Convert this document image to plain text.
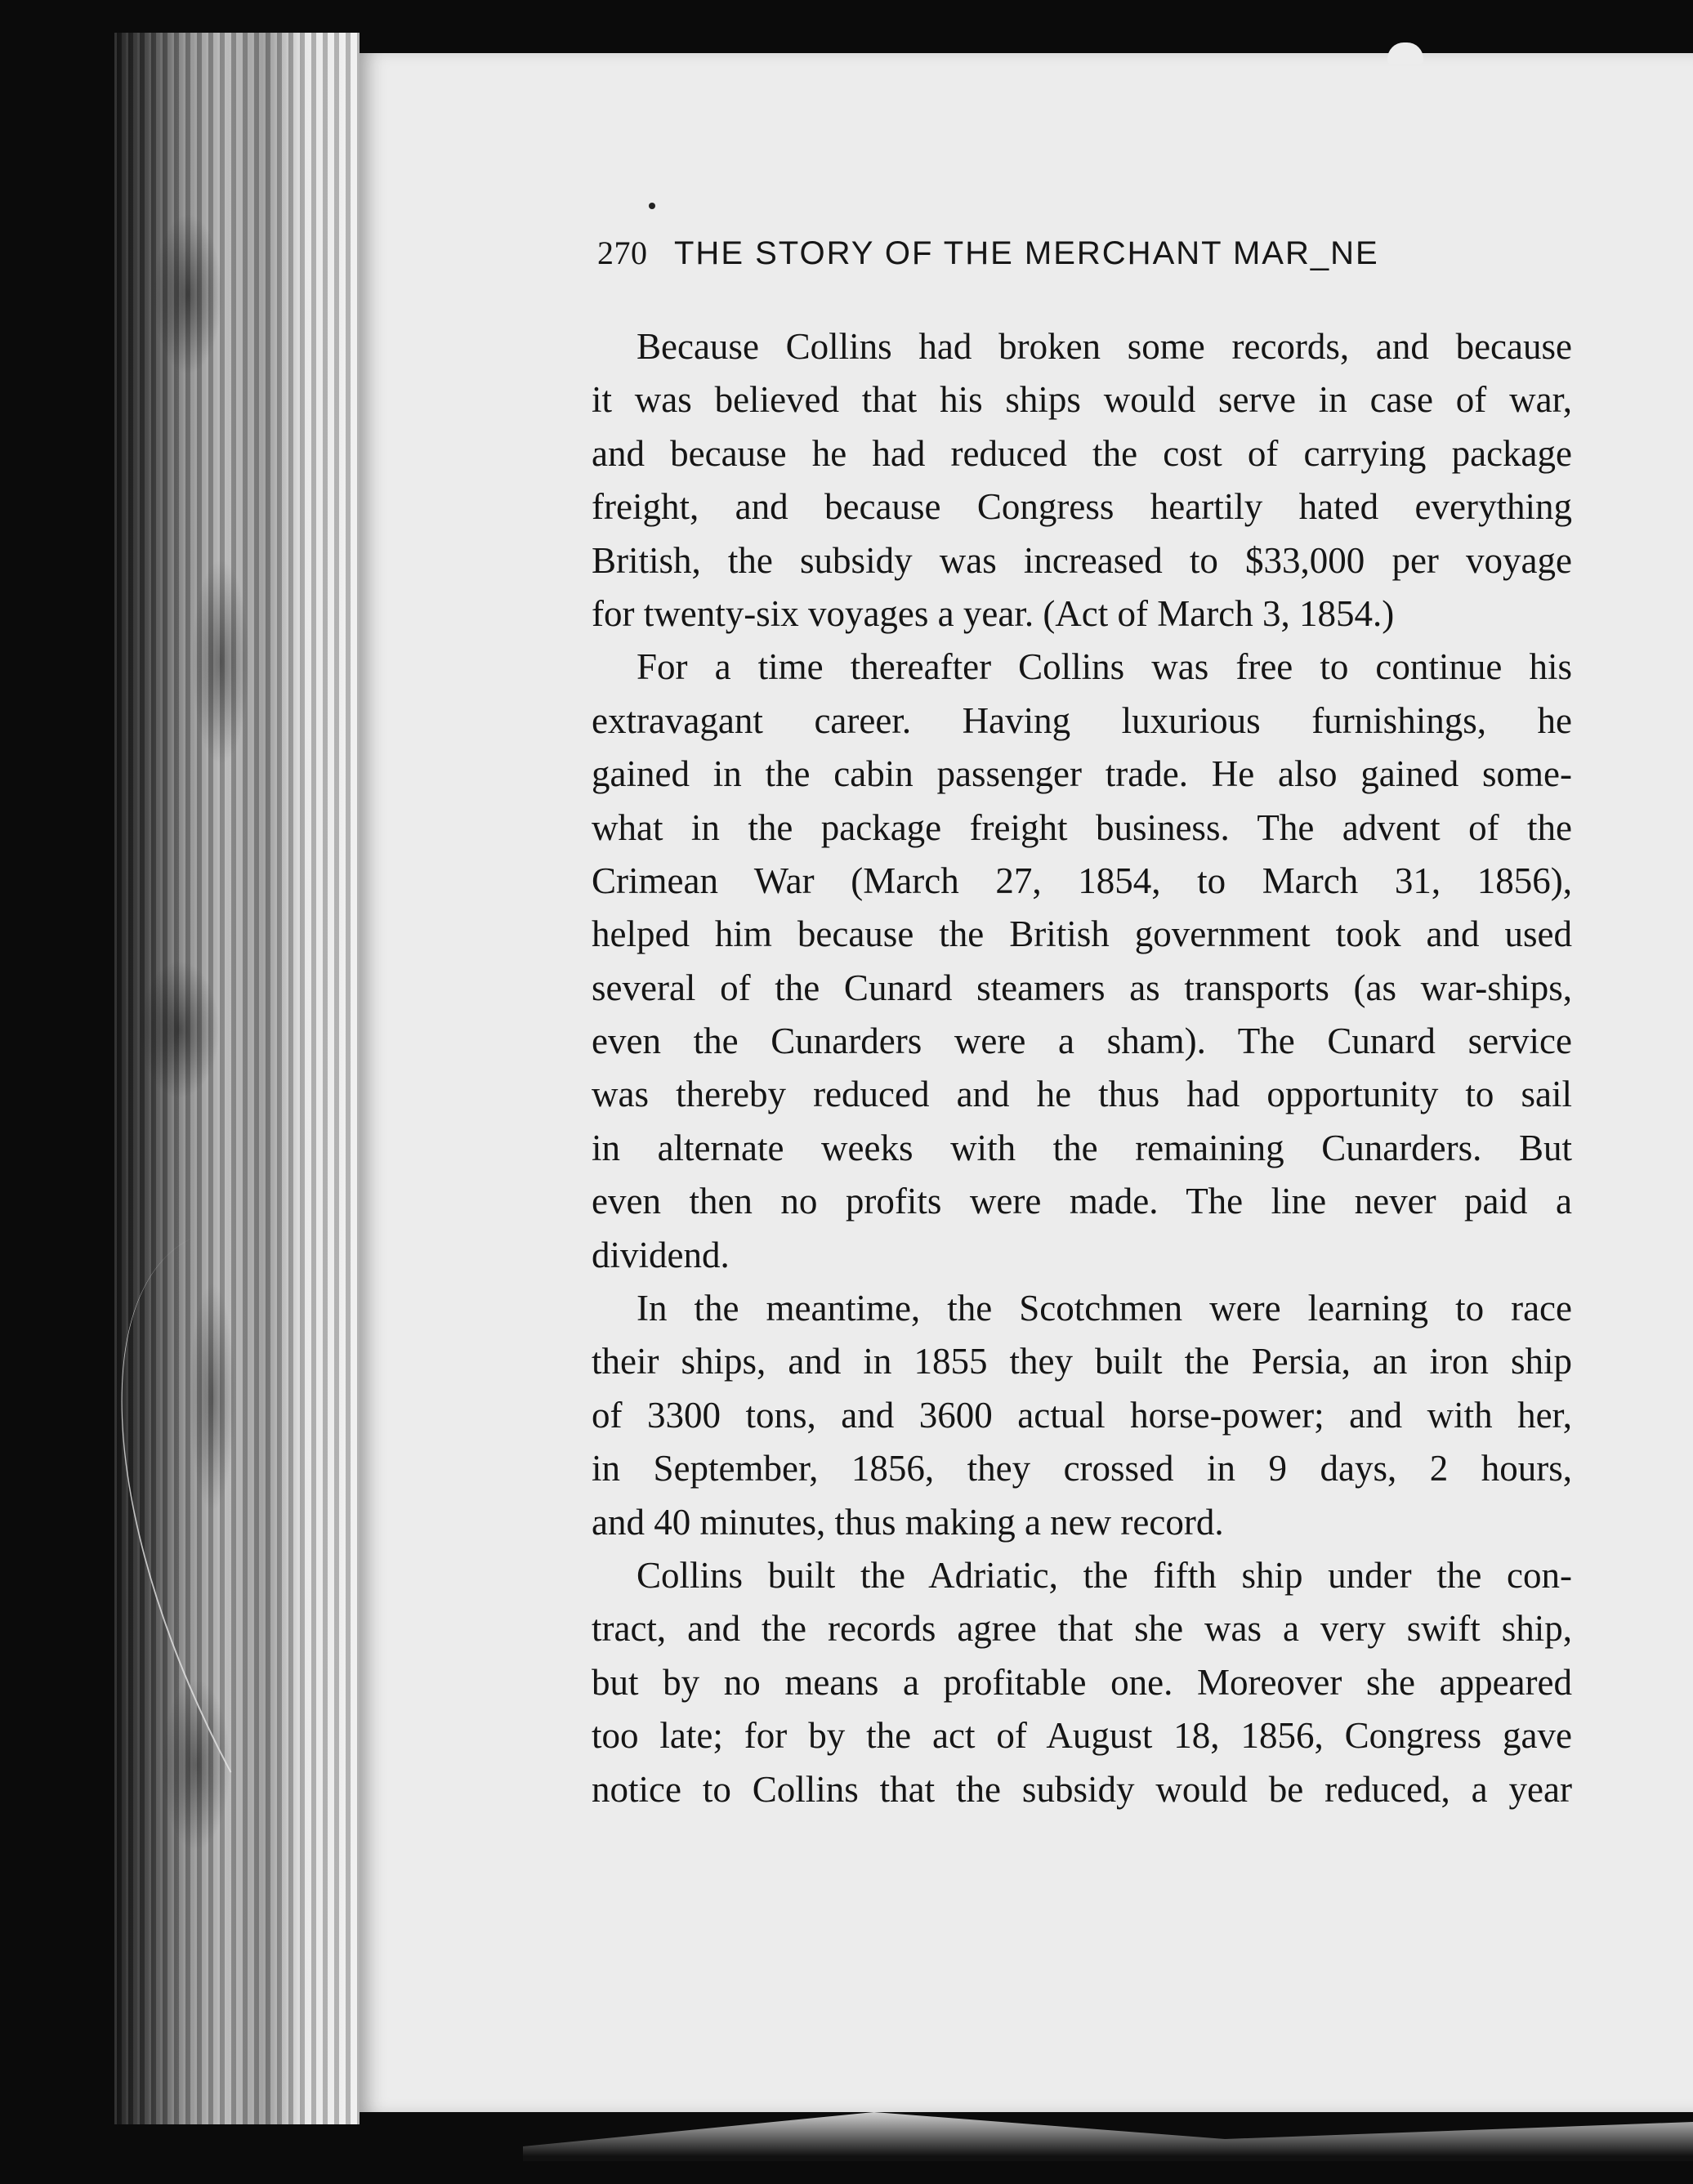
270 THE STORY OF THE MERCHANT MAR_NE
Because Collins had broken some records, and because
it was believed that his ships would serve in case of war,
and because he had reduced the cost of carrying package
freight, and because Congress heartily hated everything
British, the subsidy was increased to $33,000 per voyage
for twenty-six voyages a year. (Act of March 3, 1854.)
For a time thereafter Collins was free to continue his
extravagant career. Having luxurious furnishings, he
gained in the cabin passenger trade. He also gained some-
what in the package freight business. The advent of the
Crimean War (March 27, 1854, to March 31, 1856),
helped him because the British government took and used
several of the Cunard steamers as transports (as war-ships,
even the Cunarders were a sham). The Cunard service
was thereby reduced and he thus had opportunity to sail
in alternate weeks with the remaining Cunarders. But
even then no profits were made. The line never paid a
dividend.
In the meantime, the Scotchmen were learning to race
their ships, and in 1855 they built the Persia, an iron ship
of 3300 tons, and 3600 actual horse-power; and with her,
in September, 1856, they crossed in 9 days, 2 hours,
and 40 minutes, thus making a new record.
Collins built the Adriatic, the fifth ship under the con-
tract, and the records agree that she was a very swift ship,
but by no means a profitable one. Moreover she appeared
too late; for by the act of August 18, 1856, Congress gave
notice to Collins that the subsidy would be reduced, a year
